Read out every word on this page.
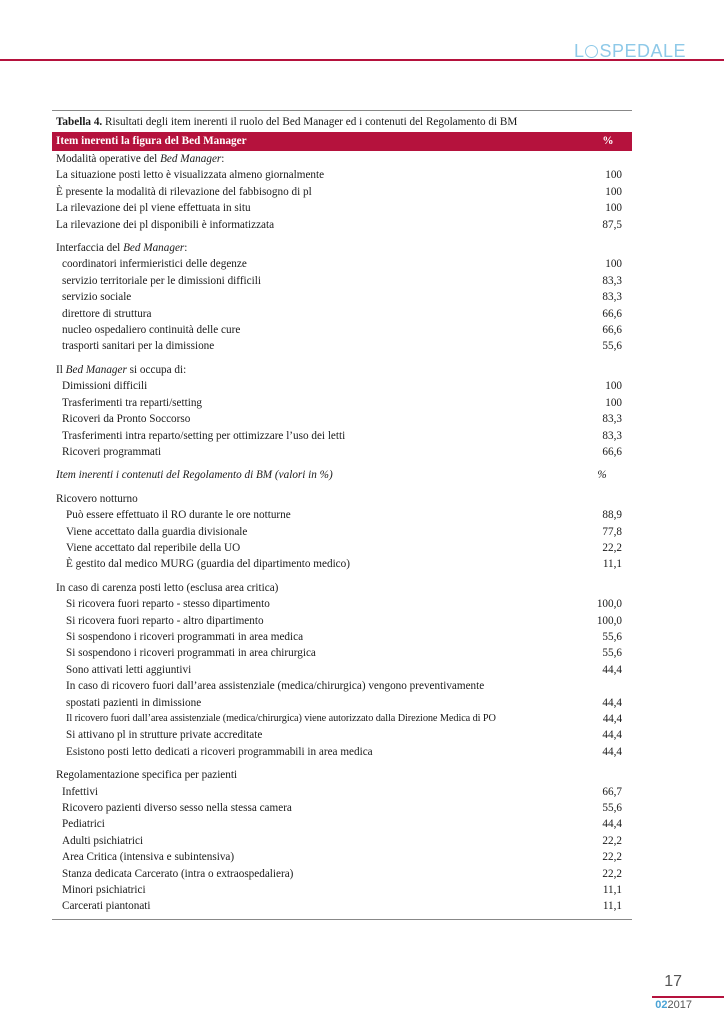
L SPEDALE
Tabella 4. Risultati degli item inerenti il ruolo del Bed Manager ed i contenuti del Regolamento di BM
Item inerenti la figura del Bed Manager	%
Modalità operative del Bed Manager:
La situazione posti letto è visualizzata almeno giornalmente	100
È presente la modalità di rilevazione del fabbisogno di pl	100
La rilevazione dei pl viene effettuata in situ	100
La rilevazione dei pl disponibili è informatizzata	87,5
Interfaccia del Bed Manager:
coordinatori infermieristici delle degenze	100
servizio territoriale per le dimissioni difficili	83,3
servizio sociale	83,3
direttore di struttura	66,6
nucleo ospedaliero continuità delle cure	66,6
trasporti sanitari per la dimissione	55,6
Il Bed Manager si occupa di:
Dimissioni difficili	100
Trasferimenti tra reparti/setting	100
Ricoveri da Pronto Soccorso	83,3
Trasferimenti intra reparto/setting per ottimizzare l’uso dei letti	83,3
Ricoveri programmati	66,6
Item inerenti i contenuti del Regolamento di BM (valori in %)	%
Ricovero notturno
Può essere effettuato il RO durante le ore notturne	88,9
Viene accettato dalla guardia divisionale	77,8
Viene accettato dal reperibile della UO	22,2
È gestito dal medico MURG (guardia del dipartimento medico)	11,1
In caso di carenza posti letto (esclusa area critica)
Si ricovera fuori reparto - stesso dipartimento	100,0
Si ricovera fuori reparto - altro dipartimento	100,0
Si sospendono i ricoveri programmati in area medica	55,6
Si sospendono i ricoveri programmati in area chirurgica	55,6
Sono attivati letti aggiuntivi	44,4
In caso di ricovero fuori dall’area assistenziale (medica/chirurgica) vengono preventivamente
spostati pazienti in dimissione	44,4
Il ricovero fuori dall’area assistenziale (medica/chirurgica) viene autorizzato dalla Direzione Medica di PO	44,4
Si attivano pl in strutture private accreditate	44,4
Esistono posti letto dedicati a ricoveri programmabili in area medica	44,4
Regolamentazione specifica per pazienti
Infettivi	66,7
Ricovero pazienti diverso sesso nella stessa camera	55,6
Pediatrici	44,4
Adulti psichiatrici	22,2
Area Critica (intensiva e subintensiva)	22,2
Stanza dedicata Carcerato (intra o extraospedaliera)	22,2
Minori psichiatrici	11,1
Carcerati piantonati	11,1
17
022017
